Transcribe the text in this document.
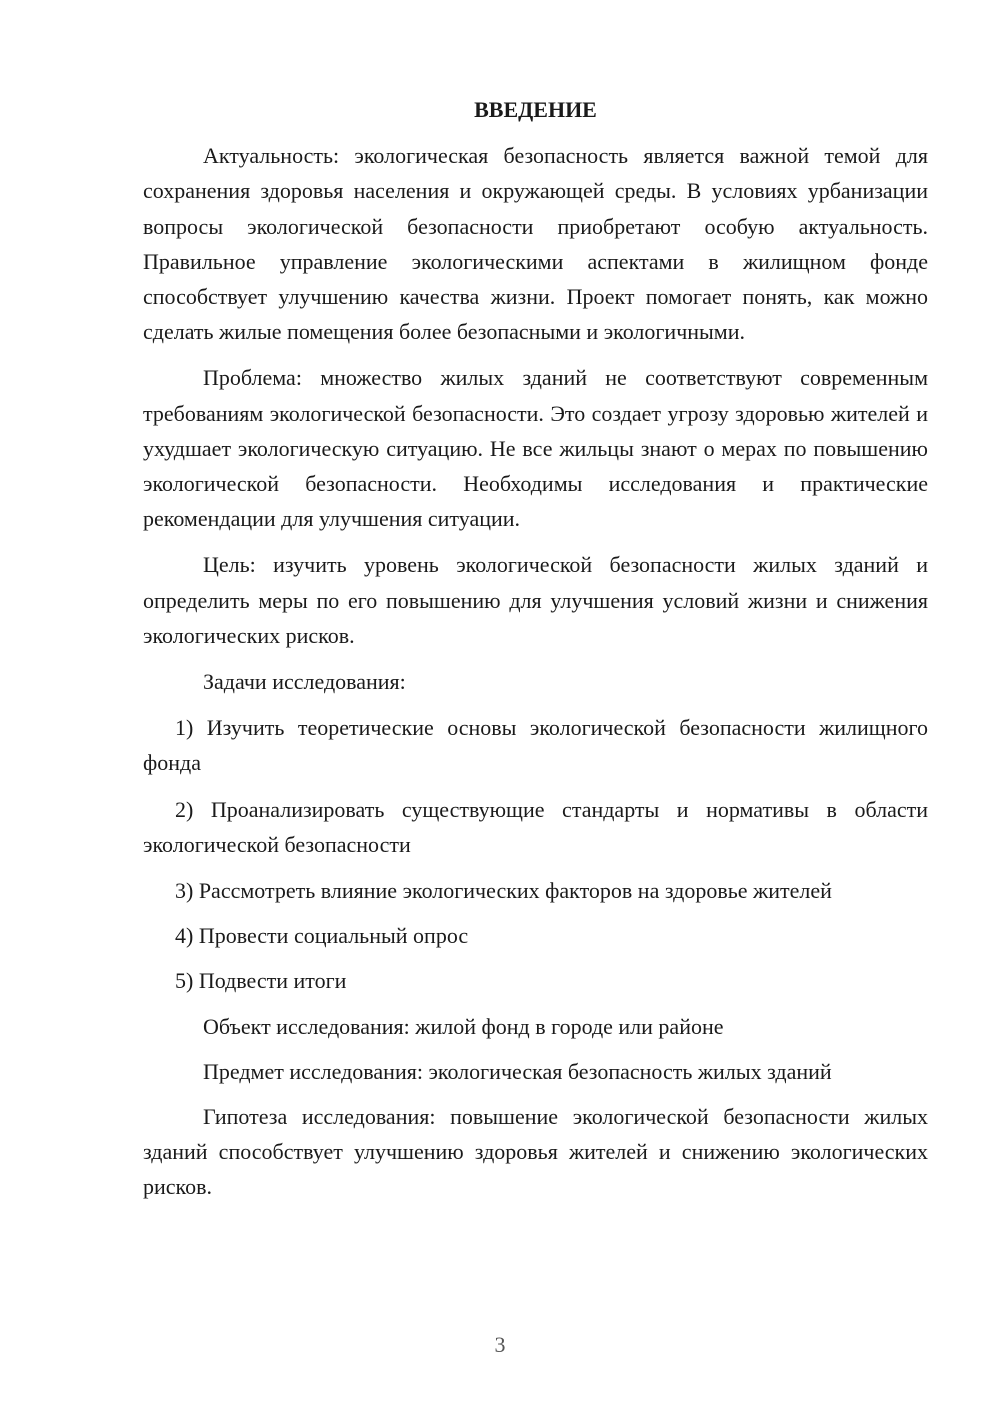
ВВЕДЕНИЕ

Актуальность: экологическая безопасность является важной темой для сохранения здоровья населения и окружающей среды. В условиях урбанизации вопросы экологической безопасности приобретают особую актуальность. Правильное управление экологическими аспектами в жилищном фонде способствует улучшению качества жизни. Проект помогает понять, как можно сделать жилые помещения более безопасными и экологичными.

Проблема: множество жилых зданий не соответствуют современным требованиям экологической безопасности. Это создает угрозу здоровью жителей и ухудшает экологическую ситуацию. Не все жильцы знают о мерах по повышению экологической безопасности. Необходимы исследования и практические рекомендации для улучшения ситуации.

Цель: изучить уровень экологической безопасности жилых зданий и определить меры по его повышению для улучшения условий жизни и снижения экологических рисков.

Задачи исследования:

1) Изучить теоретические основы экологической безопасности жилищного фонда

2) Проанализировать существующие стандарты и нормативы в области экологической безопасности

3) Рассмотреть влияние экологических факторов на здоровье жителей

4) Провести социальный опрос

5) Подвести итоги

Объект исследования: жилой фонд в городе или районе

Предмет исследования: экологическая безопасность жилых зданий

Гипотеза исследования: повышение экологической безопасности жилых зданий способствует улучшению здоровья жителей и снижению экологических рисков.

3
